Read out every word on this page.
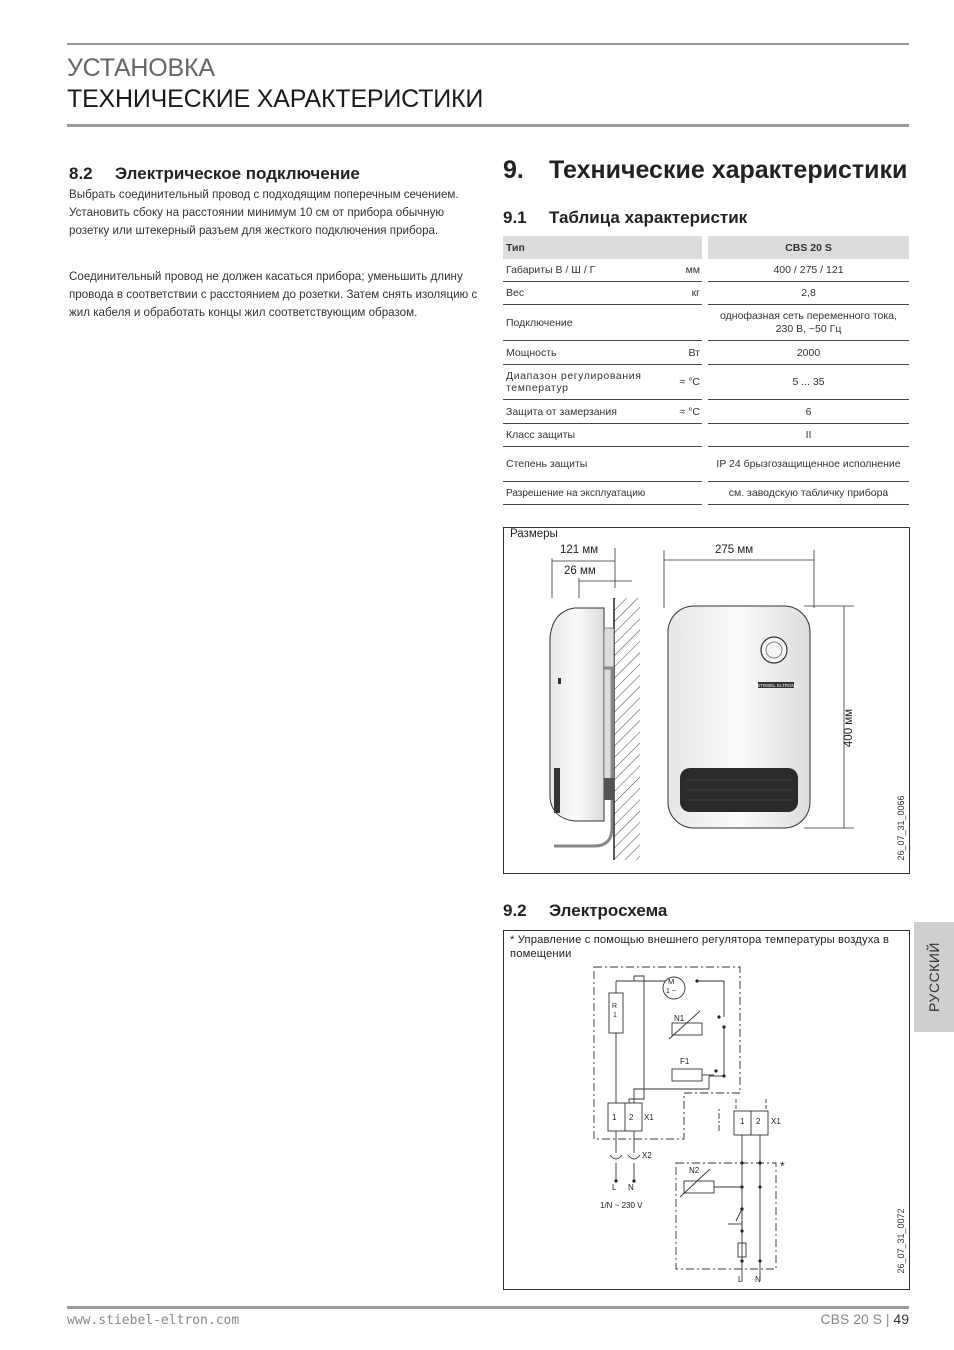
УСТАНОВКА
ТЕХНИЧЕСКИЕ ХАРАКТЕРИСТИКИ
8.2 Электрическое подключение
Выбрать соединительный провод с подходящим поперечным сечением. Установить сбоку на расстоянии минимум 10 см от прибора обычную розетку или штекерный разъем для жесткого подключения прибора.
Соединительный провод не должен касаться прибора; уменьшить длину провода в соответствии с расстоянием до розетки. Затем снять изоляцию с жил кабеля и обработать концы жил соответствующим образом.
9. Технические характеристики
9.1 Таблица характеристик
Тип			CBS 20 S
Габариты В / Ш / Г	мм		400 / 275 / 121
Вес	кг		2,8
Подключение			однофазная сеть переменного тока, 230 В, ~50 Гц
Мощность	Вт		2000
Диапазон регулирования температур	≈ °C		5 ... 35
Защита от замерзания	≈ °C		6
Класс защиты			II
Степень защиты			IP 24 брызгозащищенное исполнение
Разрешение на эксплуатацию			см. заводскую табличку прибора
STIEBEL ELTRON
Размеры
121 мм
26 мм
275 мм
400 мм
26_07_31_0066
9.2 Электросхема
* Управление с помощью внешнего регулятора температуры воздуха в помещении
M
1 ~
R
1	N1
F1
1 2 X1
X2
L N
1/N ~ 230 V
1 2 X1
N2	*
L N
26_07_31_0072
РУССКИЙ
www.stiebel-eltron.com	CBS 20 S | 49
